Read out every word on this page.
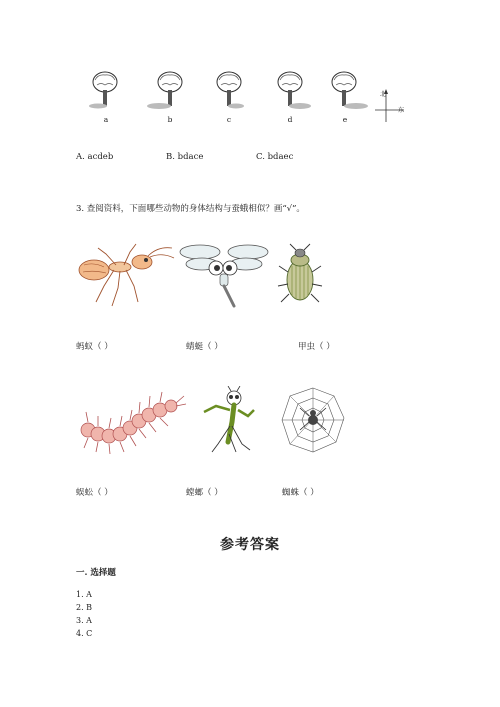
a	b	c	d	e
北
东
A. acdeb	B. bdace	C. bdaec
3. 查阅资料，下面哪些动物的身体结构与蚕蛾相似？画“√”。
蚂蚁（ ）	蜻蜓（ ）	甲虫（ ）
蜈蚣（ ）	螳螂（ ）	蜘蛛（ ）
参考答案
一. 选择题
1. A
2. B
3. A
4. C
